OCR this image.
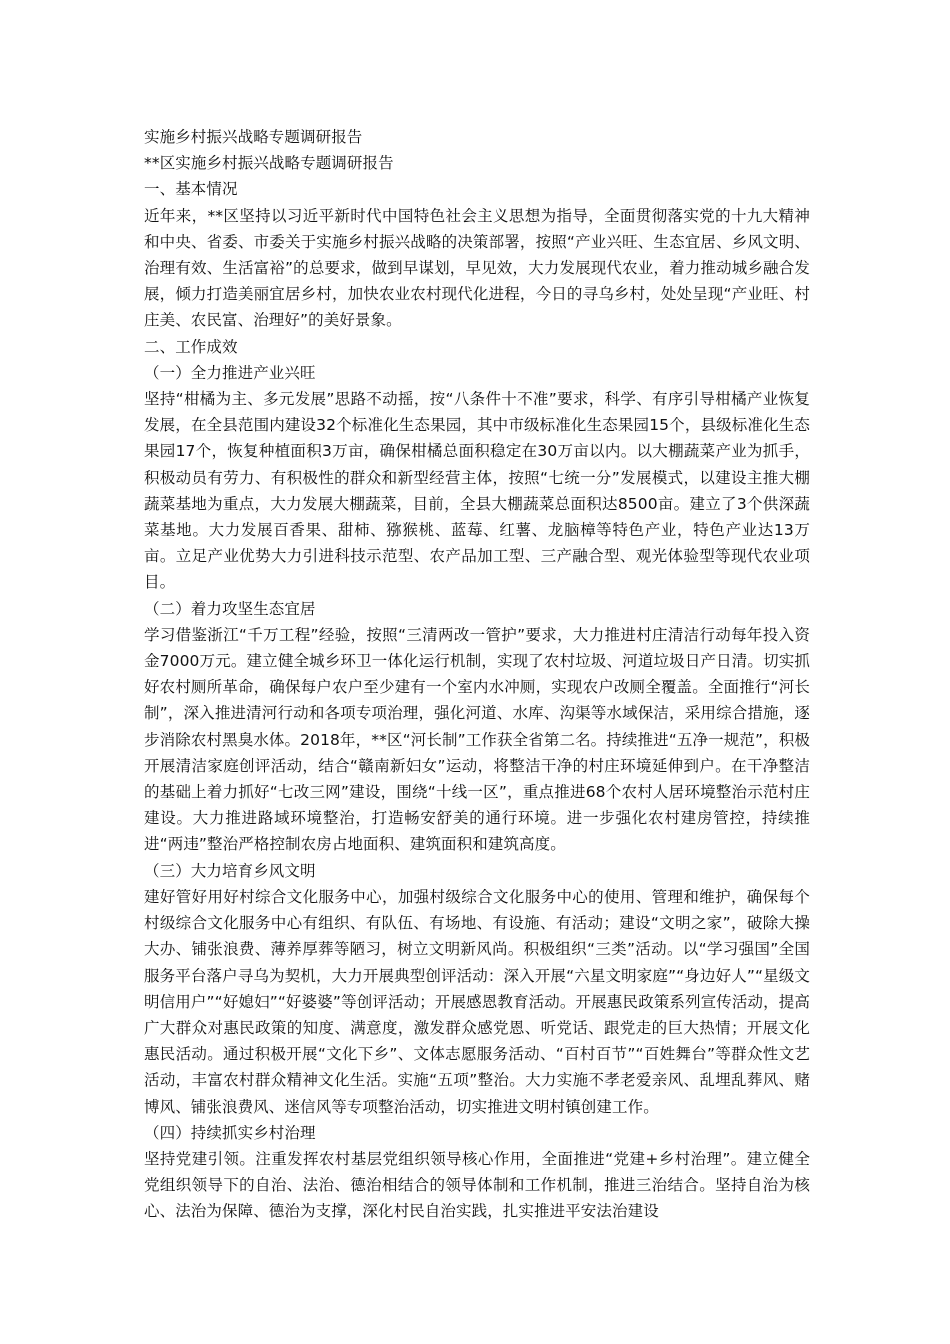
实施乡村振兴战略专题调研报告

**区实施乡村振兴战略专题调研报告

一、基本情况

近年来，**区坚持以习近平新时代中国特色社会主义思想为指导，全面贯彻落实党的十九大精神和中央、省委、市委关于实施乡村振兴战略的决策部署，按照“产业兴旺、生态宜居、乡风文明、治理有效、生活富裕”的总要求，做到早谋划，早见效，大力发展现代农业，着力推动城乡融合发展，倾力打造美丽宜居乡村，加快农业农村现代化进程，今日的寻乌乡村，处处呈现“产业旺、村庄美、农民富、治理好”的美好景象。

二、工作成效

（一）全力推进产业兴旺

坚持“柑橘为主、多元发展”思路不动摇，按“八条件十不准”要求，科学、有序引导柑橘产业恢复发展，在全县范围内建设32个标准化生态果园，其中市级标准化生态果园15个，县级标准化生态果园17个，恢复种植面积3万亩，确保柑橘总面积稳定在30万亩以内。以大棚蔬菜产业为抓手，积极动员有劳力、有积极性的群众和新型经营主体，按照“七统一分”发展模式，以建设主推大棚蔬菜基地为重点，大力发展大棚蔬菜，目前，全县大棚蔬菜总面积达8500亩。建立了3个供深蔬菜基地。大力发展百香果、甜柿、猕猴桃、蓝莓、红薯、龙脑樟等特色产业，特色产业达13万亩。立足产业优势大力引进科技示范型、农产品加工型、三产融合型、观光体验型等现代农业项目。

（二）着力攻坚生态宜居

学习借鉴浙江“千万工程”经验，按照“三清两改一管护”要求，大力推进村庄清洁行动每年投入资金7000万元。建立健全城乡环卫一体化运行机制，实现了农村垃圾、河道垃圾日产日清。切实抓好农村厕所革命，确保每户农户至少建有一个室内水冲厕，实现农户改厕全覆盖。全面推行“河长制”，深入推进清河行动和各项专项治理，强化河道、水库、沟渠等水域保洁，采用综合措施，逐步消除农村黑臭水体。2018年，**区“河长制”工作获全省第二名。持续推进“五净一规范”，积极开展清洁家庭创评活动，结合“赣南新妇女”运动，将整洁干净的村庄环境延伸到户。在干净整洁的基础上着力抓好“七改三网”建设，围绕“十线一区”，重点推进68个农村人居环境整治示范村庄建设。大力推进路域环境整治，打造畅安舒美的通行环境。进一步强化农村建房管控，持续推进“两违”整治严格控制农房占地面积、建筑面积和建筑高度。

（三）大力培育乡风文明

建好管好用好村综合文化服务中心，加强村级综合文化服务中心的使用、管理和维护，确保每个村级综合文化服务中心有组织、有队伍、有场地、有设施、有活动；建设“文明之家”，破除大操大办、铺张浪费、薄养厚葬等陋习，树立文明新风尚。积极组织“三类”活动。以“学习强国”全国服务平台落户寻乌为契机，大力开展典型创评活动：深入开展“六星文明家庭”“身边好人”“星级文明信用户”“好媳妇”“好婆婆”等创评活动；开展感恩教育活动。开展惠民政策系列宣传活动，提高广大群众对惠民政策的知度、满意度，激发群众感党恩、听党话、跟党走的巨大热情；开展文化惠民活动。通过积极开展“文化下乡”、文体志愿服务活动、“百村百节”“百姓舞台”等群众性文艺活动，丰富农村群众精神文化生活。实施“五项”整治。大力实施不孝老爱亲风、乱埋乱葬风、赌博风、铺张浪费风、迷信风等专项整治活动，切实推进文明村镇创建工作。

（四）持续抓实乡村治理

坚持党建引领。注重发挥农村基层党组织领导核心作用，全面推进“党建+乡村治理”。建立健全党组织领导下的自治、法治、德治相结合的领导体制和工作机制，推进三治结合。坚持自治为核心、法治为保障、德治为支撑，深化村民自治实践，扎实推进平安法治建设
